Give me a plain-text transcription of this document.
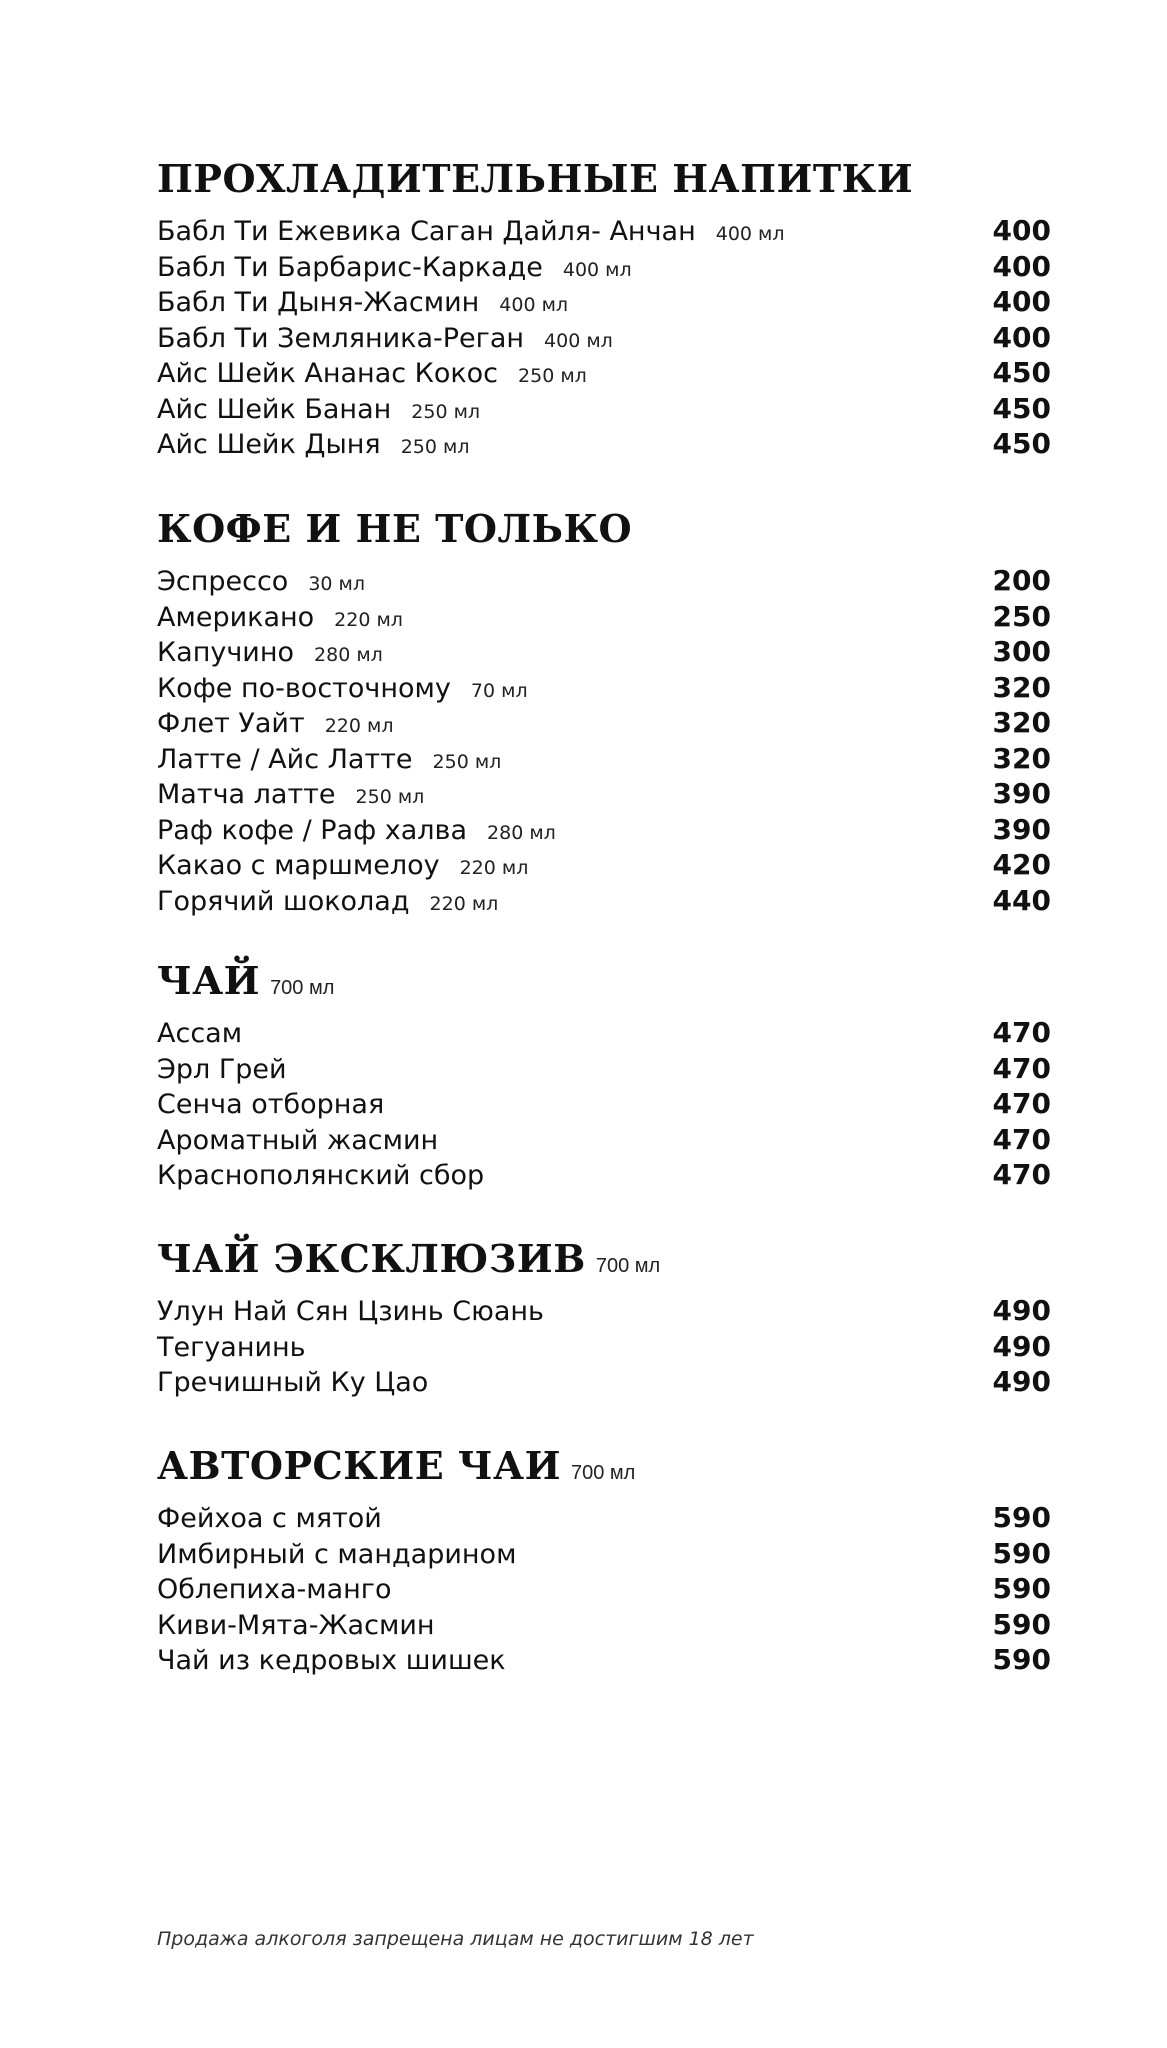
ПРОХЛАДИТЕЛЬНЫЕ НАПИТКИ
Бабл Ти Ежевика Саган Дайля- Анчан 400 мл	400
Бабл Ти Барбарис-Каркаде 400 мл	400
Бабл Ти Дыня-Жасмин 400 мл	400
Бабл Ти Земляника-Реган 400 мл	400
Айс Шейк Ананас Кокос 250 мл	450
Айс Шейк Банан 250 мл	450
Айс Шейк Дыня 250 мл	450
КОФЕ И НЕ ТОЛЬКО
Эспрессо 30 мл	200
Американо 220 мл	250
Капучино 280 мл	300
Кофе по-восточному 70 мл	320
Флет Уайт 220 мл	320
Латте / Айс Латте 250 мл	320
Матча латте 250 мл	390
Раф кофе / Раф халва 280 мл	390
Какао с маршмелоу 220 мл	420
Горячий шоколад 220 мл	440
ЧАЙ 700 мл
Ассам	470
Эрл Грей	470
Сенча отборная	470
Ароматный жасмин	470
Краснополянский сбор	470
ЧАЙ ЭКСКЛЮЗИВ 700 мл
Улун Най Сян Цзинь Сюань	490
Тегуанинь	490
Гречишный Ку Цао	490
АВТОРСКИЕ ЧАИ 700 мл
Фейхоа с мятой	590
Имбирный с мандарином	590
Облепиха-манго	590
Киви-Мята-Жасмин	590
Чай из кедровых шишек	590
Продажа алкоголя запрещена лицам не достигшим 18 лет
